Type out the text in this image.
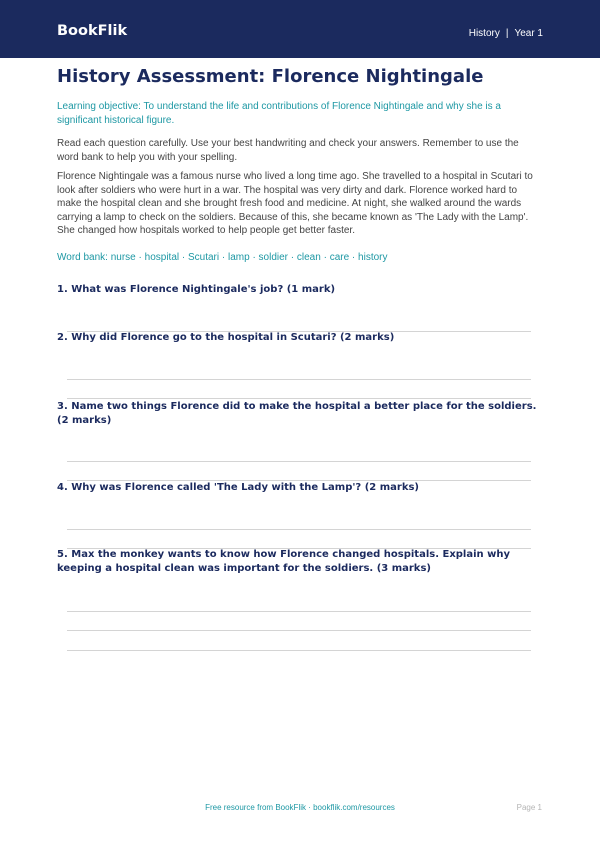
BookFlik	History | Year 1
History Assessment: Florence Nightingale

Learning objective: To understand the life and contributions of Florence Nightingale and why she is a significant historical figure.

Read each question carefully. Use your best handwriting and check your answers. Remember to use the word bank to help you with your spelling.

Florence Nightingale was a famous nurse who lived a long time ago. She travelled to a hospital in Scutari to look after soldiers who were hurt in a war. The hospital was very dirty and dark. Florence worked hard to make the hospital clean and she brought fresh food and medicine. At night, she walked around the wards carrying a lamp to check on the soldiers. Because of this, she became known as 'The Lady with the Lamp'. She changed how hospitals worked to help people get better faster.

Word bank: nurse · hospital · Scutari · lamp · soldier · clean · care · history

1. What was Florence Nightingale's job? (1 mark)
2. Why did Florence go to the hospital in Scutari? (2 marks)
3. Name two things Florence did to make the hospital a better place for the soldiers. (2 marks)
4. Why was Florence called 'The Lady with the Lamp'? (2 marks)
5. Max the monkey wants to know how Florence changed hospitals. Explain why keeping a hospital clean was important for the soldiers. (3 marks)
Free resource from BookFlik · bookflik.com/resources	Page 1
